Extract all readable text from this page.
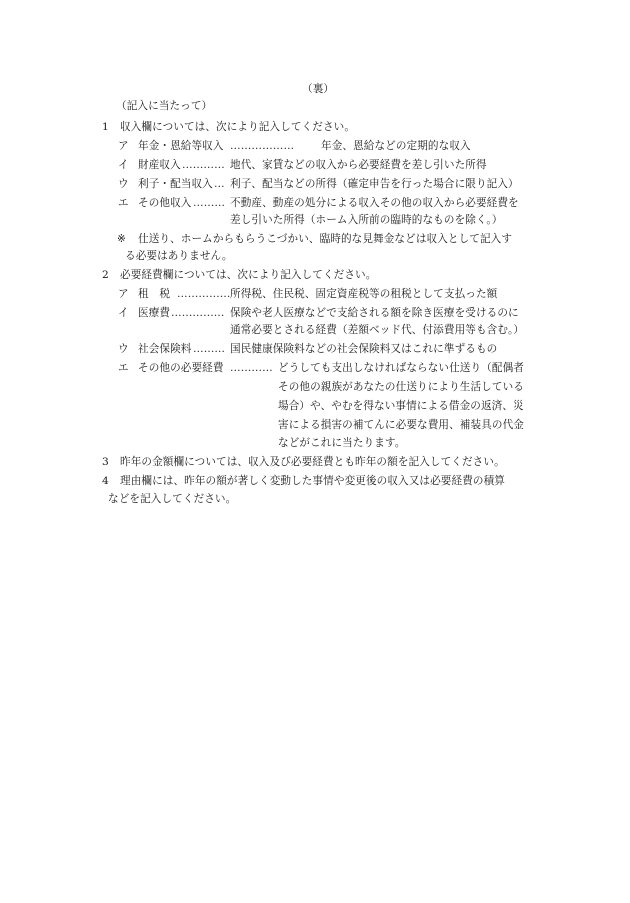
（裏）
（記入に当たって）
1 収入欄については、次により記入してください。
ア 年金・恩給等収入 ………………	年金、恩給などの定期的な収入
イ 財産収入 ………… 地代、家賃などの収入から必要経費を差し引いた所得
ウ 利子・配当収入 … 利子、配当などの所得（確定申告を行った場合に限り記入）
エ その他収入 ……… 不動産、動産の処分による収入その他の収入から必要経費を
差し引いた所得（ホーム入所前の臨時的なものを除く。）
※ 仕送り、ホームからもらうこづかい、臨時的な見舞金などは収入として記入す
る必要はありません。
2 必要経費欄については、次により記入してください。
ア 租　税 …………… 所得税、住民税、固定資産税等の租税として支払った額
イ 医療費 …………… 保険や老人医療などで支給される額を除き医療を受けるのに
通常必要とされる経費（差額ベッド代、付添費用等も含む。）
ウ 社会保険料 ……… 国民健康保険料などの社会保険料又はこれに準ずるもの
エ その他の必要経費 ………… どうしても支出しなければならない仕送り（配偶者
その他の親族があなたの仕送りにより生活している
場合）や、やむを得ない事情による借金の返済、災
害による損害の補てんに必要な費用、補装具の代金
などがこれに当たります。
3 昨年の金額欄については、収入及び必要経費とも昨年の額を記入してください。
4 理由欄には、昨年の額が著しく変動した事情や変更後の収入又は必要経費の積算
などを記入してください。
